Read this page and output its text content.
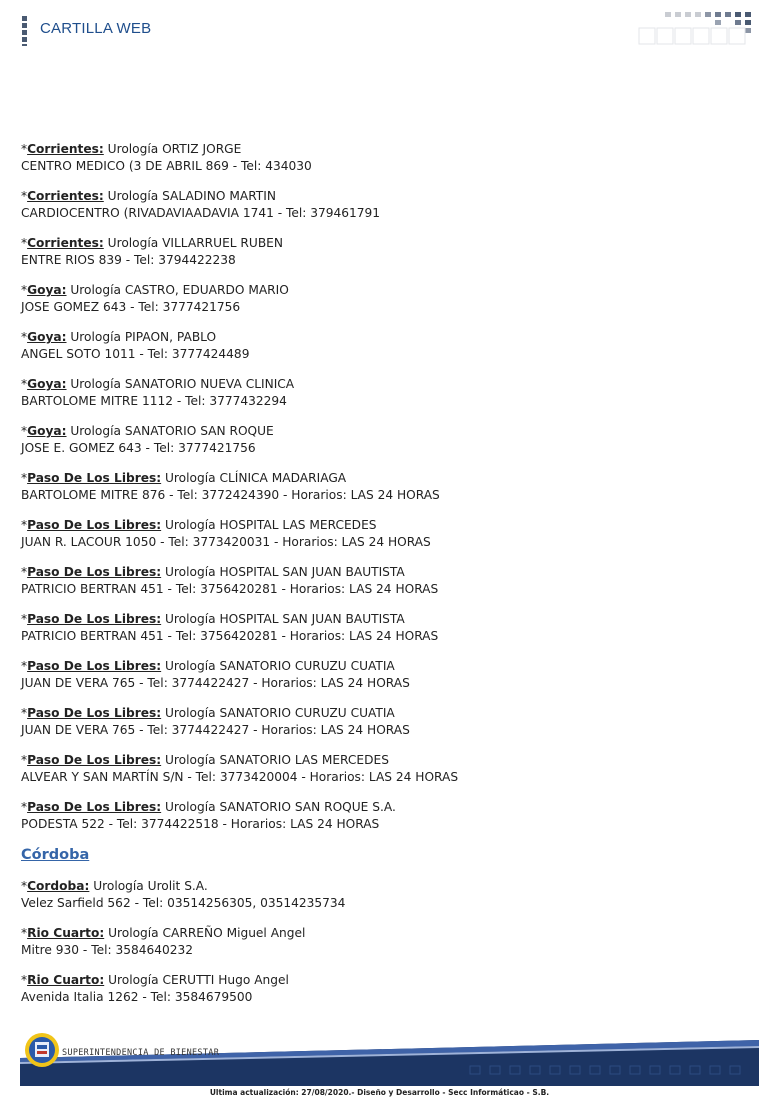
CARTILLA WEB
*Corrientes: Urología ORTIZ JORGE
CENTRO MEDICO (3 DE ABRIL 869 - Tel: 434030
*Corrientes: Urología SALADINO MARTIN
CARDIOCENTRO (RIVADAVIAADAVIA 1741 - Tel: 379461791
*Corrientes: Urología VILLARRUEL RUBEN
ENTRE RIOS 839 - Tel: 3794422238
*Goya: Urología CASTRO, EDUARDO MARIO
JOSE GOMEZ 643 - Tel: 3777421756
*Goya: Urología PIPAON, PABLO
ANGEL SOTO 1011 - Tel: 3777424489
*Goya: Urología SANATORIO NUEVA CLINICA
BARTOLOME MITRE 1112 - Tel: 3777432294
*Goya: Urología SANATORIO SAN ROQUE
JOSE E. GOMEZ 643 - Tel: 3777421756
*Paso De Los Libres: Urología CLÍNICA MADARIAGA
BARTOLOME MITRE 876 - Tel: 3772424390 - Horarios: LAS 24 HORAS
*Paso De Los Libres: Urología HOSPITAL LAS MERCEDES
JUAN R. LACOUR 1050 - Tel: 3773420031 - Horarios: LAS 24 HORAS
*Paso De Los Libres: Urología HOSPITAL SAN JUAN BAUTISTA
PATRICIO BERTRAN 451 - Tel: 3756420281 - Horarios: LAS 24 HORAS
*Paso De Los Libres: Urología HOSPITAL SAN JUAN BAUTISTA
PATRICIO BERTRAN 451 - Tel: 3756420281 - Horarios: LAS 24 HORAS
*Paso De Los Libres: Urología SANATORIO CURUZU CUATIA
JUAN DE VERA 765 - Tel: 3774422427 - Horarios: LAS 24 HORAS
*Paso De Los Libres: Urología SANATORIO CURUZU CUATIA
JUAN DE VERA 765 - Tel: 3774422427 - Horarios: LAS 24 HORAS
*Paso De Los Libres: Urología SANATORIO LAS MERCEDES
ALVEAR Y SAN MARTÍN S/N - Tel: 3773420004 - Horarios: LAS 24 HORAS
*Paso De Los Libres: Urología SANATORIO SAN ROQUE S.A.
PODESTA 522 - Tel: 3774422518 - Horarios: LAS 24 HORAS
Córdoba
*Cordoba: Urología Urolit S.A.
Velez Sarfield 562 - Tel: 03514256305, 03514235734
*Rio Cuarto: Urología CARREÑO Miguel Angel
Mitre 930 - Tel: 3584640232
*Rio Cuarto: Urología CERUTTI Hugo Angel
Avenida Italia 1262 - Tel: 3584679500
SUPERINTENDENCIA DE BIENESTAR
Ultima actualización: 27/08/2020.- Diseño y Desarrollo - Secc Informáticao - S.B.
